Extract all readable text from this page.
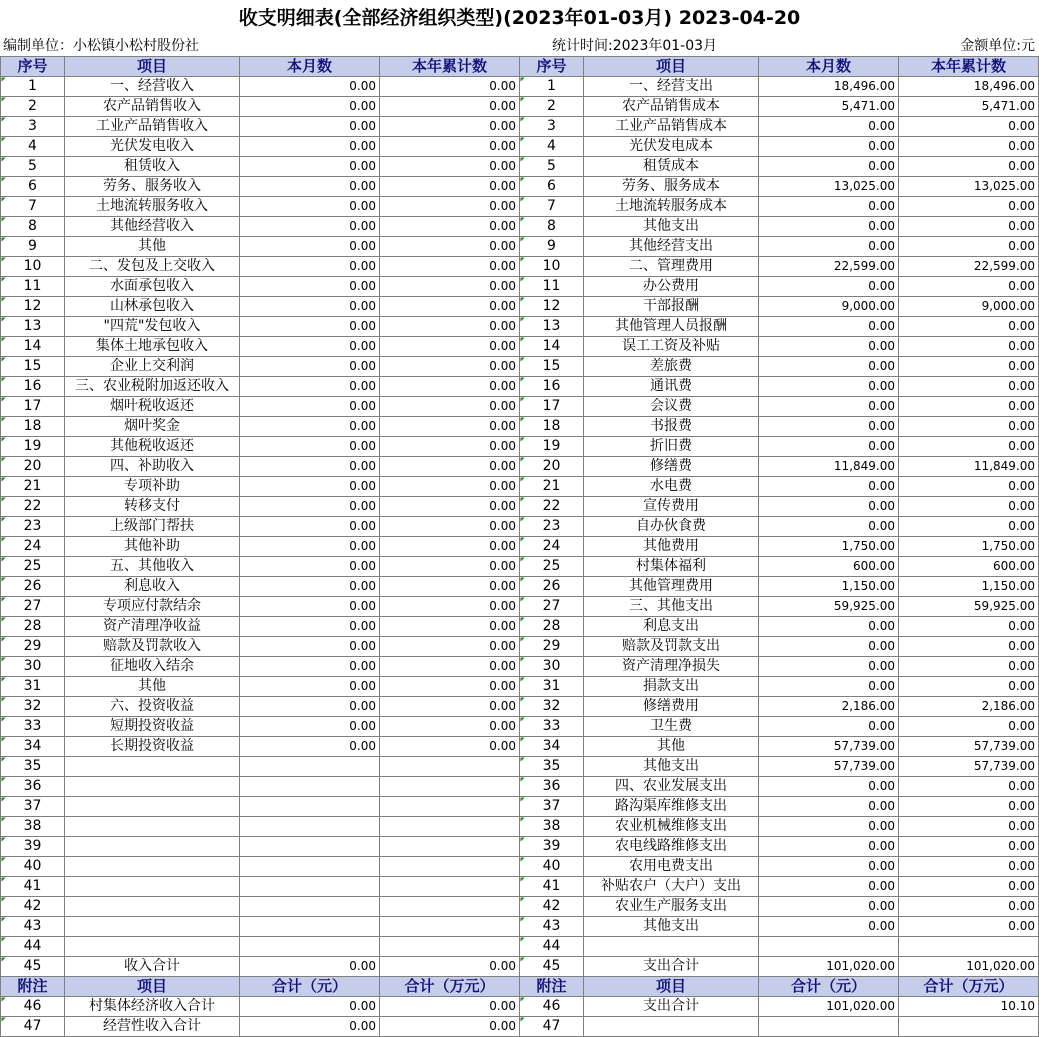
收支明细表(全部经济组织类型)(2023年01-03月) 2023-04-20
编制单位：小松镇小松村股份社	统计时间:2023年01-03月	金额单位:元
序号	项目	本月数	本年累计数	序号	项目	本月数	本年累计数
1	一、经营收入	0.00	0.00	1	一、经营支出	18,496.00	18,496.00
2	农产品销售收入	0.00	0.00	2	农产品销售成本	5,471.00	5,471.00
3	工业产品销售收入	0.00	0.00	3	工业产品销售成本	0.00	0.00
4	光伏发电收入	0.00	0.00	4	光伏发电成本	0.00	0.00
5	租赁收入	0.00	0.00	5	租赁成本	0.00	0.00
6	劳务、服务收入	0.00	0.00	6	劳务、服务成本	13,025.00	13,025.00
7	土地流转服务收入	0.00	0.00	7	土地流转服务成本	0.00	0.00
8	其他经营收入	0.00	0.00	8	其他支出	0.00	0.00
9	其他	0.00	0.00	9	其他经营支出	0.00	0.00
10	二、发包及上交收入	0.00	0.00	10	二、管理费用	22,599.00	22,599.00
11	水面承包收入	0.00	0.00	11	办公费用	0.00	0.00
12	山林承包收入	0.00	0.00	12	干部报酬	9,000.00	9,000.00
13	"四荒"发包收入	0.00	0.00	13	其他管理人员报酬	0.00	0.00
14	集体土地承包收入	0.00	0.00	14	误工工资及补贴	0.00	0.00
15	企业上交利润	0.00	0.00	15	差旅费	0.00	0.00
16	三、农业税附加返还收入	0.00	0.00	16	通讯费	0.00	0.00
17	烟叶税收返还	0.00	0.00	17	会议费	0.00	0.00
18	烟叶奖金	0.00	0.00	18	书报费	0.00	0.00
19	其他税收返还	0.00	0.00	19	折旧费	0.00	0.00
20	四、补助收入	0.00	0.00	20	修缮费	11,849.00	11,849.00
21	专项补助	0.00	0.00	21	水电费	0.00	0.00
22	转移支付	0.00	0.00	22	宣传费用	0.00	0.00
23	上级部门帮扶	0.00	0.00	23	自办伙食费	0.00	0.00
24	其他补助	0.00	0.00	24	其他费用	1,750.00	1,750.00
25	五、其他收入	0.00	0.00	25	村集体福利	600.00	600.00
26	利息收入	0.00	0.00	26	其他管理费用	1,150.00	1,150.00
27	专项应付款结余	0.00	0.00	27	三、其他支出	59,925.00	59,925.00
28	资产清理净收益	0.00	0.00	28	利息支出	0.00	0.00
29	赔款及罚款收入	0.00	0.00	29	赔款及罚款支出	0.00	0.00
30	征地收入结余	0.00	0.00	30	资产清理净损失	0.00	0.00
31	其他	0.00	0.00	31	捐款支出	0.00	0.00
32	六、投资收益	0.00	0.00	32	修缮费用	2,186.00	2,186.00
33	短期投资收益	0.00	0.00	33	卫生费	0.00	0.00
34	长期投资收益	0.00	0.00	34	其他	57,739.00	57,739.00
35				35	其他支出	57,739.00	57,739.00
36				36	四、农业发展支出	0.00	0.00
37				37	路沟渠库维修支出	0.00	0.00
38				38	农业机械维修支出	0.00	0.00
39				39	农电线路维修支出	0.00	0.00
40				40	农用电费支出	0.00	0.00
41				41	补贴农户（大户）支出	0.00	0.00
42				42	农业生产服务支出	0.00	0.00
43				43	其他支出	0.00	0.00
44				44			
45	收入合计	0.00	0.00	45	支出合计	101,020.00	101,020.00
附注	项目	合计（元）	合计（万元）	附注	项目	合计（元）	合计（万元）
46	村集体经济收入合计	0.00	0.00	46	支出合计	101,020.00	10.10
47	经营性收入合计	0.00	0.00	47			
